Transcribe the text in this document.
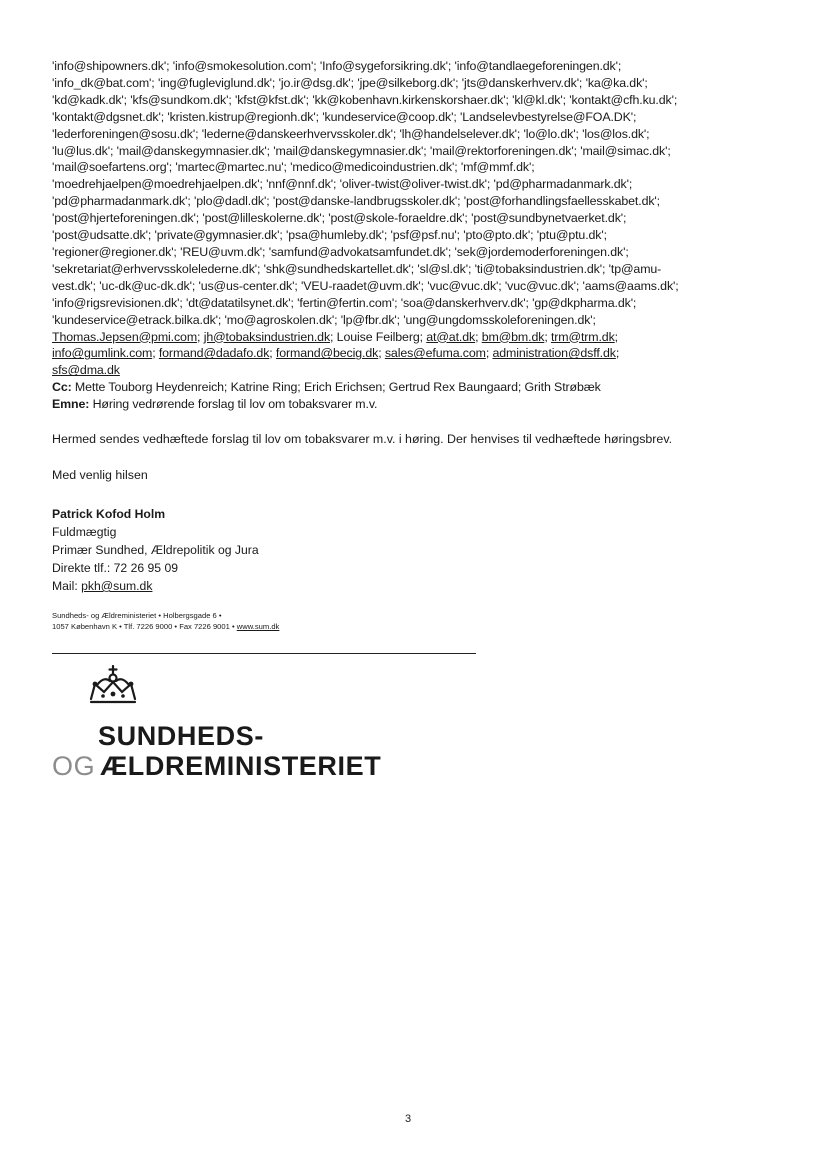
'info@shipowners.dk'; 'info@smokesolution.com'; 'Info@sygeforsikring.dk'; 'info@tandlaegeforeningen.dk';
'info_dk@bat.com'; 'ing@fugleviglund.dk'; 'jo.ir@dsg.dk'; 'jpe@silkeborg.dk'; 'jts@danskerhverv.dk'; 'ka@ka.dk';
'kd@kadk.dk'; 'kfs@sundkom.dk'; 'kfst@kfst.dk'; 'kk@kobenhavn.kirkenskorshaer.dk'; 'kl@kl.dk'; 'kontakt@cfh.ku.dk';
'kontakt@dgsnet.dk'; 'kristen.kistrup@regionh.dk'; 'kundeservice@coop.dk'; 'Landselevbestyrelse@FOA.DK';
'lederforeningen@sosu.dk'; 'lederne@danskeerhvervsskoler.dk'; 'lh@handelselever.dk'; 'lo@lo.dk'; 'los@los.dk';
'lu@lus.dk'; 'mail@danskegymnasier.dk'; 'mail@danskegymnasier.dk'; 'mail@rektorforeningen.dk'; 'mail@simac.dk';
'mail@soefartens.org'; 'martec@martec.nu'; 'medico@medicoindustrien.dk'; 'mf@mmf.dk';
'moedrehjaelpen@moedrehjaelpen.dk'; 'nnf@nnf.dk'; 'oliver-twist@oliver-twist.dk'; 'pd@pharmadanmark.dk';
'pd@pharmadanmark.dk'; 'plo@dadl.dk'; 'post@danske-landbrugsskoler.dk'; 'post@forhandlingsfaellesskabet.dk';
'post@hjerteforeningen.dk'; 'post@lilleskolerne.dk'; 'post@skole-foraeldre.dk'; 'post@sundbynetvaerket.dk';
'post@udsatte.dk'; 'private@gymnasier.dk'; 'psa@humleby.dk'; 'psf@psf.nu'; 'pto@pto.dk'; 'ptu@ptu.dk';
'regioner@regioner.dk'; 'REU@uvm.dk'; 'samfund@advokatsamfundet.dk'; 'sek@jordemoderforeningen.dk';
'sekretariat@erhvervsskolelederne.dk'; 'shk@sundhedskartellet.dk'; 'sl@sl.dk'; 'ti@tobaksindustrien.dk'; 'tp@amu-
vest.dk'; 'uc-dk@uc-dk.dk'; 'us@us-center.dk'; 'VEU-raadet@uvm.dk'; 'vuc@vuc.dk'; 'vuc@vuc.dk'; 'aams@aams.dk';
'info@rigsrevisionen.dk'; 'dt@datatilsynet.dk'; 'fertin@fertin.com'; 'soa@danskerhverv.dk'; 'gp@dkpharma.dk';
'kundeservice@etrack.bilka.dk'; 'mo@agroskolen.dk'; 'lp@fbr.dk'; 'ung@ungdomsskoleforeningen.dk';
Thomas.Jepsen@pmi.com; jh@tobaksindustrien.dk; Louise Feilberg; at@at.dk; bm@bm.dk; trm@trm.dk;
info@gumlink.com; formand@dadafo.dk; formand@becig.dk; sales@efuma.com; administration@dsff.dk;
sfs@dma.dk
Cc: Mette Touborg Heydenreich; Katrine Ring; Erich Erichsen; Gertrud Rex Baungaard; Grith Strøbæk
Emne: Høring vedrørende forslag til lov om tobaksvarer m.v.
Hermed sendes vedhæftede forslag til lov om tobaksvarer m.v. i høring. Der henvises til vedhæftede høringsbrev.
Med venlig hilsen
Patrick Kofod Holm
Fuldmægtig
Primær Sundhed, Ældrepolitik og Jura
Direkte tlf.: 72 26 95 09
Mail: pkh@sum.dk
Sundheds- og Ældreministeriet • Holbergsgade 6 •
1057 København K • Tlf. 7226 9000 • Fax 7226 9001 • www.sum.dk
SUNDHEDS-
OG ÆLDREMINISTERIET
3
